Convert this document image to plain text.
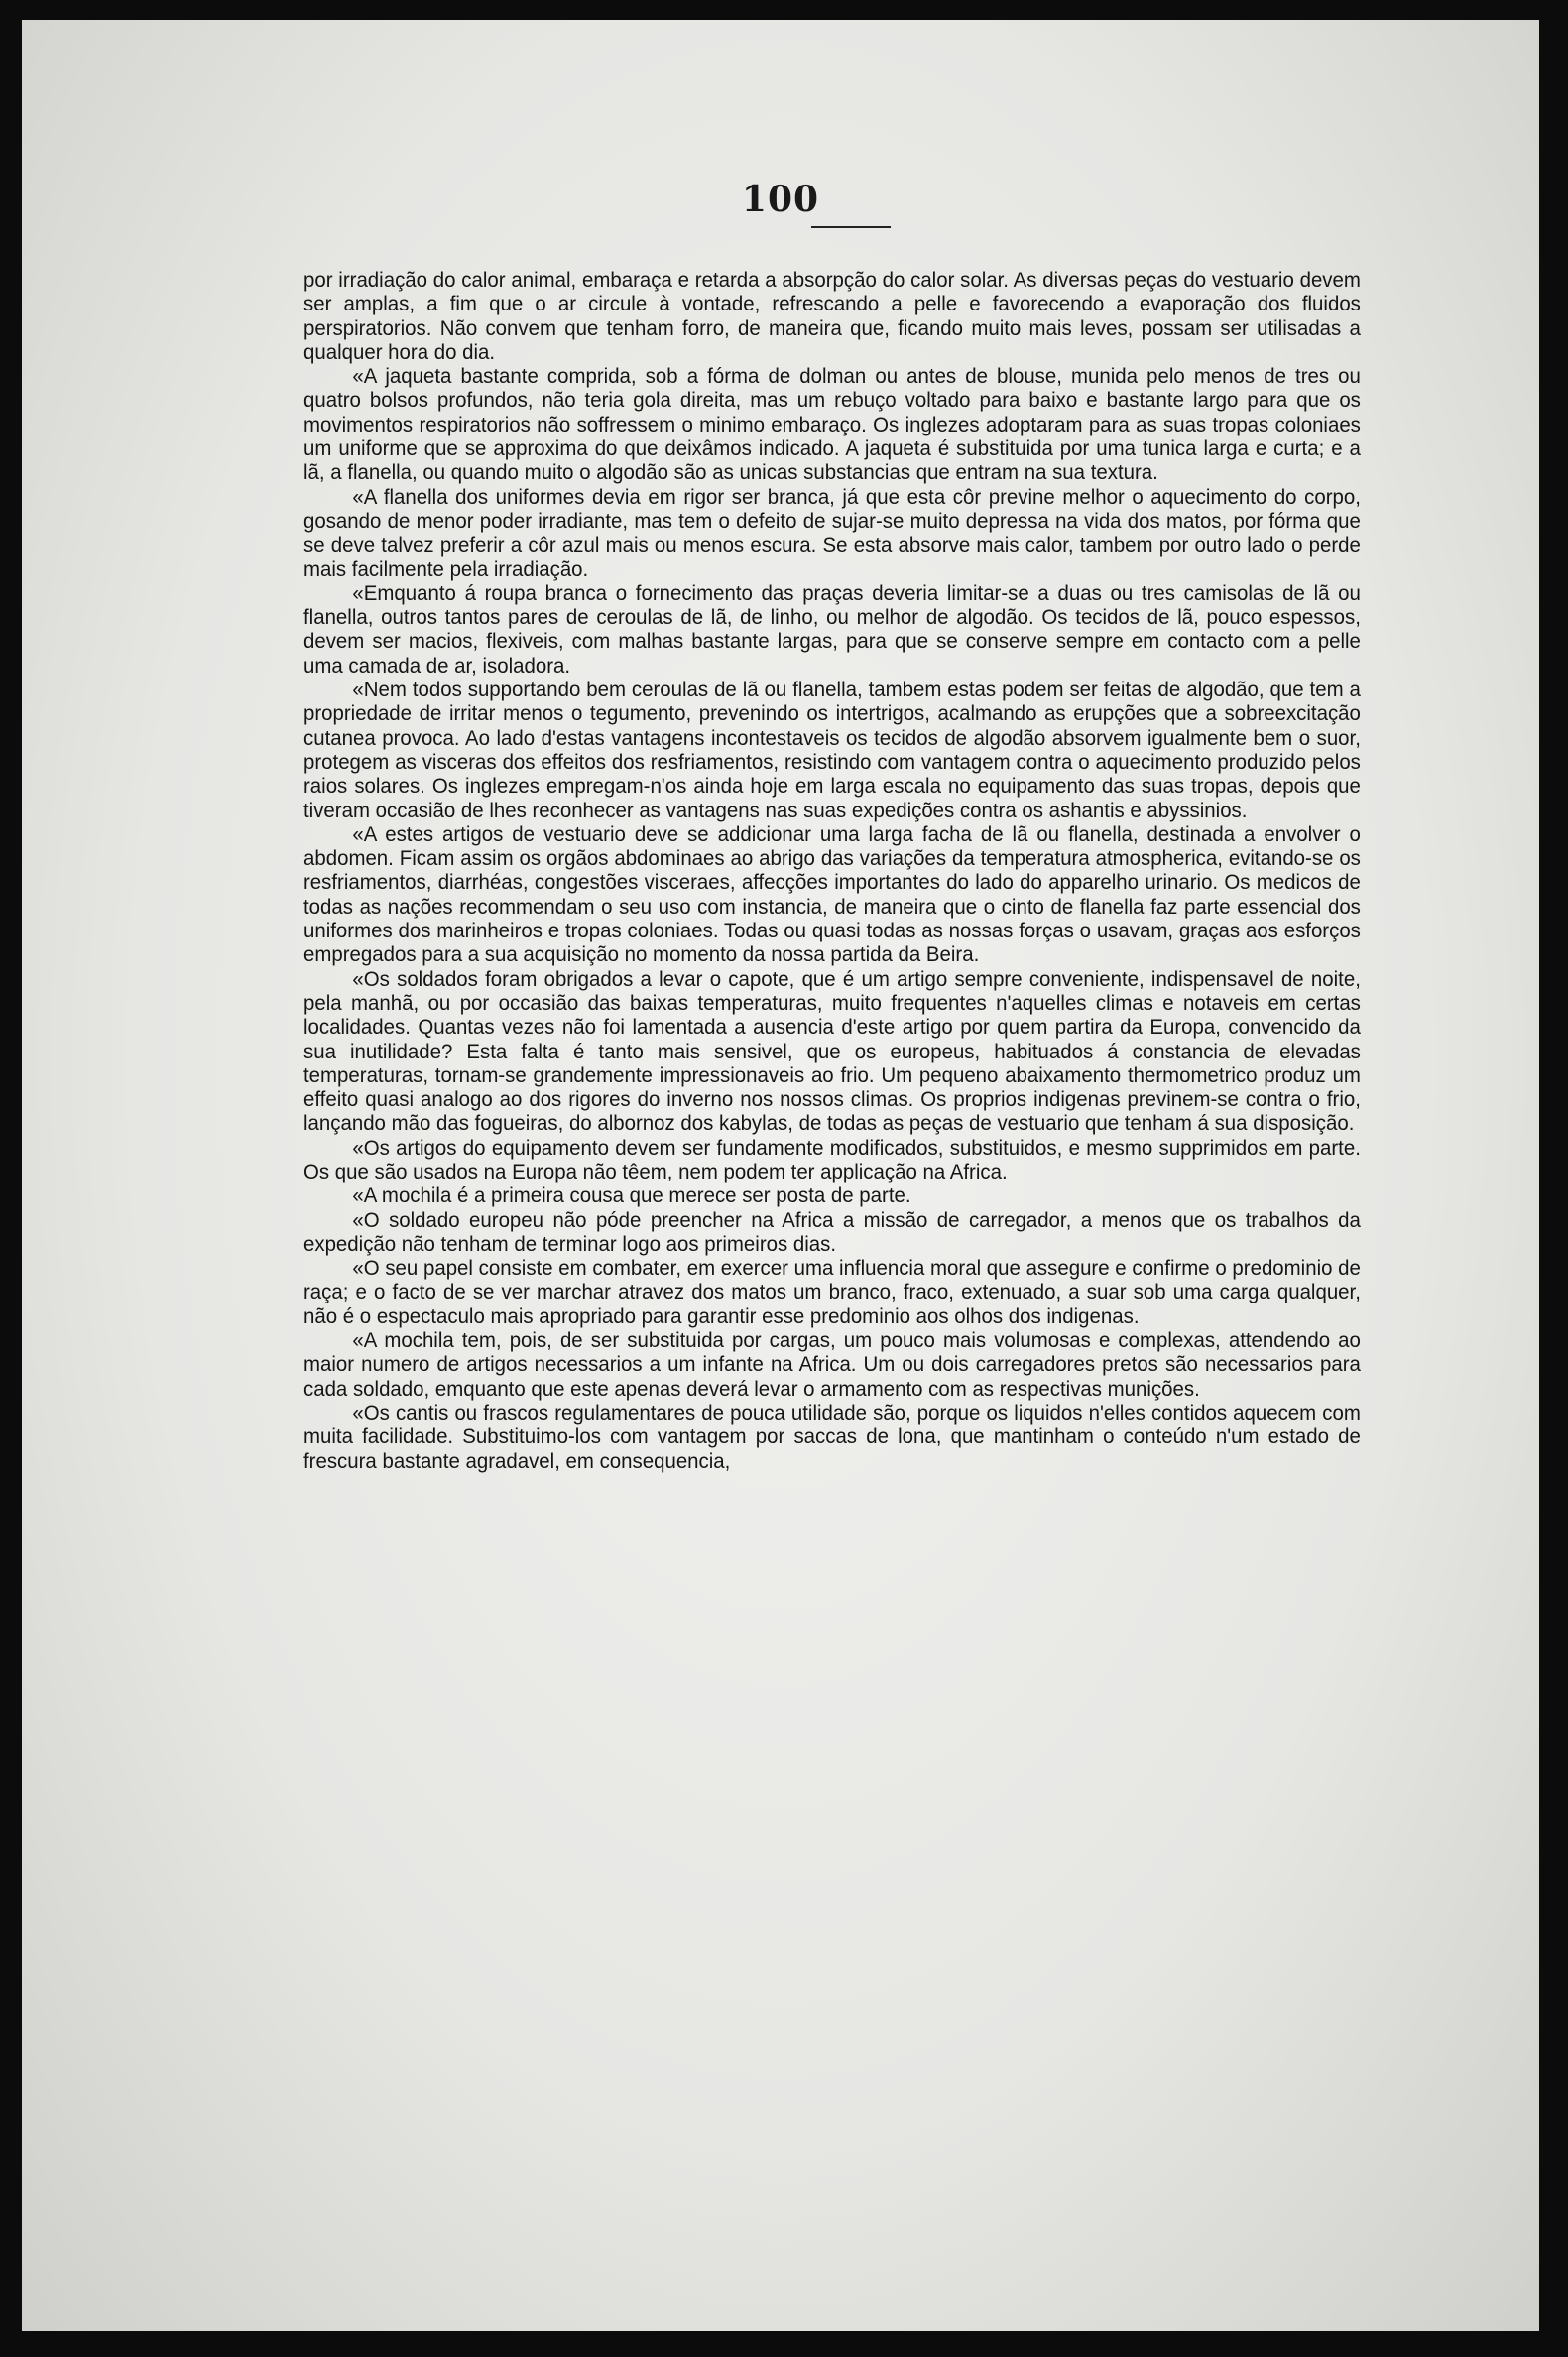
100

por irradiação do calor animal, embaraça e retarda a absorpção do calor solar. As diversas peças do vestuario devem ser amplas, a fim que o ar circule à vontade, refrescando a pelle e favorecendo a evaporação dos fluidos perspiratorios. Não convem que tenham forro, de maneira que, ficando muito mais leves, possam ser utilisadas a qualquer hora do dia.

«A jaqueta bastante comprida, sob a fórma de dolman ou antes de blouse, munida pelo menos de tres ou quatro bolsos profundos, não teria gola direita, mas um rebuço voltado para baixo e bastante largo para que os movimentos respiratorios não soffressem o minimo embaraço. Os inglezes adoptaram para as suas tropas coloniaes um uniforme que se approxima do que deixâmos indicado. A jaqueta é substituida por uma tunica larga e curta; e a lã, a flanella, ou quando muito o algodão são as unicas substancias que entram na sua textura.

«A flanella dos uniformes devia em rigor ser branca, já que esta côr previne melhor o aquecimento do corpo, gosando de menor poder irradiante, mas tem o defeito de sujar-se muito depressa na vida dos matos, por fórma que se deve talvez preferir a côr azul mais ou menos escura. Se esta absorve mais calor, tambem por outro lado o perde mais facilmente pela irradiação.

«Emquanto á roupa branca o fornecimento das praças deveria limitar-se a duas ou tres camisolas de lã ou flanella, outros tantos pares de ceroulas de lã, de linho, ou melhor de algodão. Os tecidos de lã, pouco espessos, devem ser macios, flexiveis, com malhas bastante largas, para que se conserve sempre em contacto com a pelle uma camada de ar, isoladora.

«Nem todos supportando bem ceroulas de lã ou flanella, tambem estas podem ser feitas de algodão, que tem a propriedade de irritar menos o tegumento, prevenindo os intertrigos, acalmando as erupções que a sobreexcitação cutanea provoca. Ao lado d'estas vantagens incontestaveis os tecidos de algodão absorvem igualmente bem o suor, protegem as visceras dos effeitos dos resfriamentos, resistindo com vantagem contra o aquecimento produzido pelos raios solares. Os inglezes empregam-n'os ainda hoje em larga escala no equipamento das suas tropas, depois que tiveram occasião de lhes reconhecer as vantagens nas suas expedições contra os ashantis e abyssinios.

«A estes artigos de vestuario deve se addicionar uma larga facha de lã ou flanella, destinada a envolver o abdomen. Ficam assim os orgãos abdominaes ao abrigo das variações da temperatura atmospherica, evitando-se os resfriamentos, diarrhéas, congestões visceraes, affecções importantes do lado do apparelho urinario. Os medicos de todas as nações recommendam o seu uso com instancia, de maneira que o cinto de flanella faz parte essencial dos uniformes dos marinheiros e tropas coloniaes. Todas ou quasi todas as nossas forças o usavam, graças aos esforços empregados para a sua acquisição no momento da nossa partida da Beira.

«Os soldados foram obrigados a levar o capote, que é um artigo sempre conveniente, indispensavel de noite, pela manhã, ou por occasião das baixas temperaturas, muito frequentes n'aquelles climas e notaveis em certas localidades. Quantas vezes não foi lamentada a ausencia d'este artigo por quem partira da Europa, convencido da sua inutilidade? Esta falta é tanto mais sensivel, que os europeus, habituados á constancia de elevadas temperaturas, tornam-se grandemente impressionaveis ao frio. Um pequeno abaixamento thermometrico produz um effeito quasi analogo ao dos rigores do inverno nos nossos climas. Os proprios indigenas previnem-se contra o frio, lançando mão das fogueiras, do albornoz dos kabylas, de todas as peças de vestuario que tenham á sua disposição.

«Os artigos do equipamento devem ser fundamente modificados, substituidos, e mesmo supprimidos em parte. Os que são usados na Europa não têem, nem podem ter applicação na Africa.

«A mochila é a primeira cousa que merece ser posta de parte.

«O soldado europeu não póde preencher na Africa a missão de carregador, a menos que os trabalhos da expedição não tenham de terminar logo aos primeiros dias.

«O seu papel consiste em combater, em exercer uma influencia moral que assegure e confirme o predominio de raça; e o facto de se ver marchar atravez dos matos um branco, fraco, extenuado, a suar sob uma carga qualquer, não é o espectaculo mais apropriado para garantir esse predominio aos olhos dos indigenas.

«A mochila tem, pois, de ser substituida por cargas, um pouco mais volumosas e complexas, attendendo ao maior numero de artigos necessarios a um infante na Africa. Um ou dois carregadores pretos são necessarios para cada soldado, emquanto que este apenas deverá levar o armamento com as respectivas munições.

«Os cantis ou frascos regulamentares de pouca utilidade são, porque os liquidos n'elles contidos aquecem com muita facilidade. Substituimo-los com vantagem por saccas de lona, que mantinham o conteúdo n'um estado de frescura bastante agradavel, em consequencia,
